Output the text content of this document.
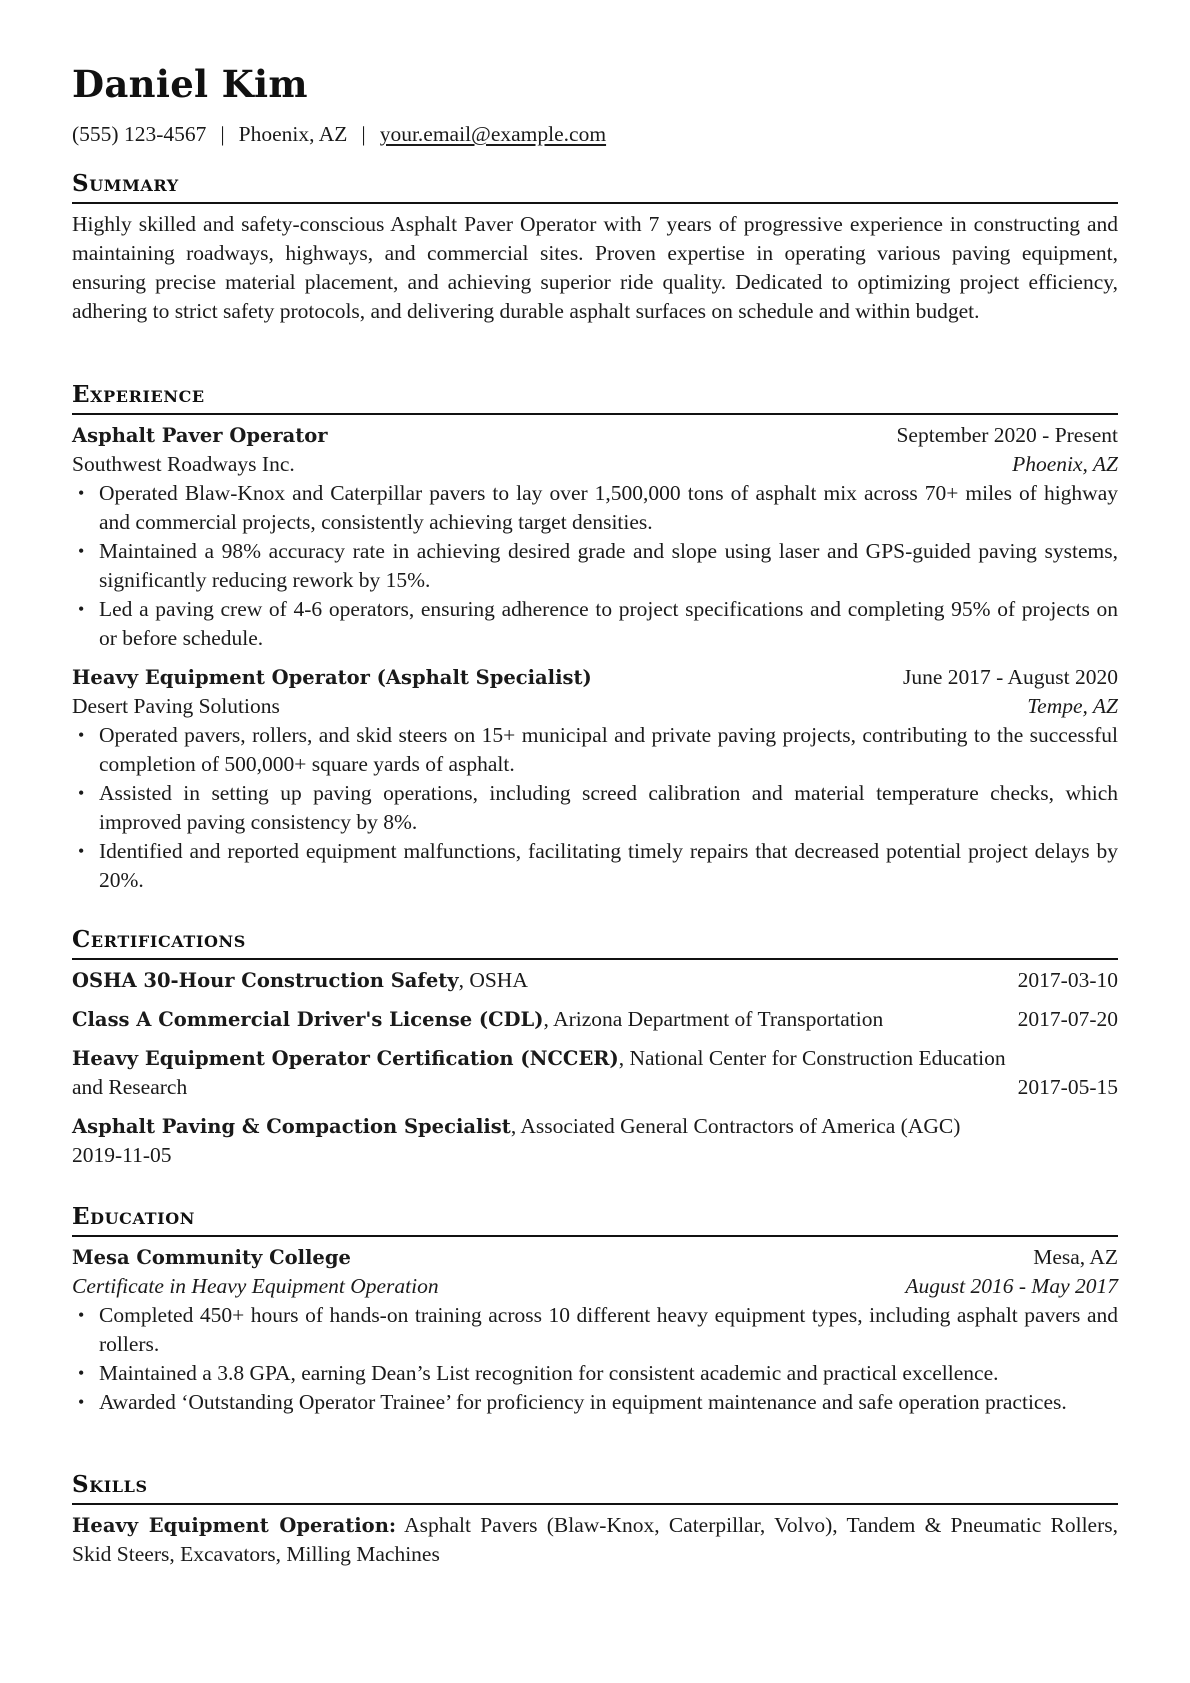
Daniel Kim
(555) 123-4567 | Phoenix, AZ | your.email@example.com
Summary
Highly skilled and safety-conscious Asphalt Paver Operator with 7 years of progressive experience in constructing and maintaining roadways, highways, and commercial sites. Proven expertise in operating various paving equipment, ensuring precise material placement, and achieving superior ride quality. Dedicated to optimizing project efficiency, adhering to strict safety protocols, and delivering durable asphalt surfaces on schedule and within budget.
Experience
Asphalt Paver Operator	September 2020 - Present
Southwest Roadways Inc.	Phoenix, AZ
• Operated Blaw-Knox and Caterpillar pavers to lay over 1,500,000 tons of asphalt mix across 70+ miles of highway and commercial projects, consistently achieving target densities.
• Maintained a 98% accuracy rate in achieving desired grade and slope using laser and GPS-guided paving systems, significantly reducing rework by 15%.
• Led a paving crew of 4-6 operators, ensuring adherence to project specifications and completing 95% of projects on or before schedule.
Heavy Equipment Operator (Asphalt Specialist)	June 2017 - August 2020
Desert Paving Solutions	Tempe, AZ
• Operated pavers, rollers, and skid steers on 15+ municipal and private paving projects, contributing to the successful completion of 500,000+ square yards of asphalt.
• Assisted in setting up paving operations, including screed calibration and material temperature checks, which improved paving consistency by 8%.
• Identified and reported equipment malfunctions, facilitating timely repairs that decreased potential project delays by 20%.
Certifications
OSHA 30-Hour Construction Safety, OSHA	2017-03-10
Class A Commercial Driver's License (CDL), Arizona Department of Transportation	2017-07-20
Heavy Equipment Operator Certification (NCCER), National Center for Construction Education and Research	2017-05-15
Asphalt Paving & Compaction Specialist, Associated General Contractors of America (AGC)
2019-11-05
Education
Mesa Community College	Mesa, AZ
Certificate in Heavy Equipment Operation	August 2016 - May 2017
• Completed 450+ hours of hands-on training across 10 different heavy equipment types, including asphalt pavers and rollers.
• Maintained a 3.8 GPA, earning Dean’s List recognition for consistent academic and practical excellence.
• Awarded ‘Outstanding Operator Trainee’ for proficiency in equipment maintenance and safe operation practices.
Skills
Heavy Equipment Operation: Asphalt Pavers (Blaw-Knox, Caterpillar, Volvo), Tandem & Pneumatic Rollers, Skid Steers, Excavators, Milling Machines
